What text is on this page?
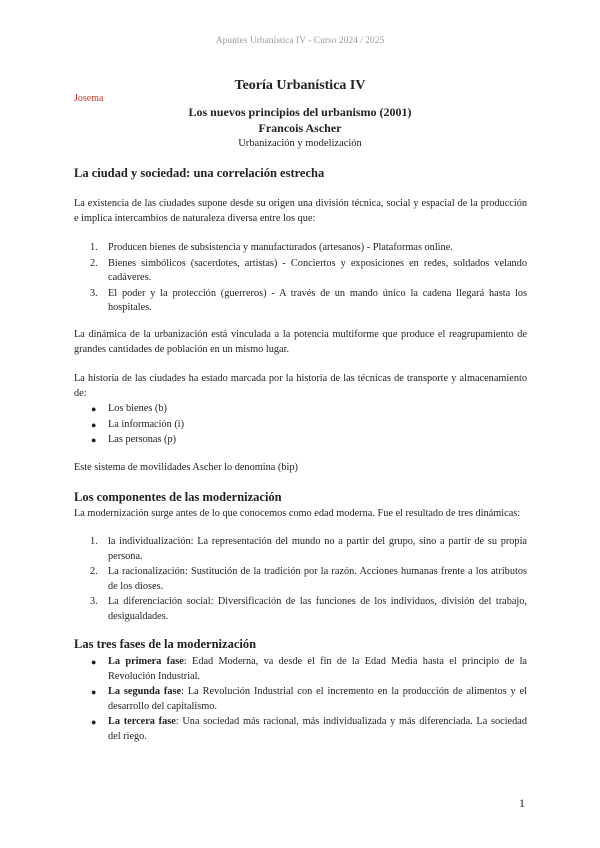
Apuntes Urbanística IV - Curso 2024 / 2025
Teoría Urbanística IV
Josema
Los nuevos principios del urbanismo (2001)
Francois Ascher
Urbanización y modelización
La ciudad y sociedad: una correlación estrecha

La existencia de las ciudades supone desde su origen una división técnica, social y espacial de la producción e implica intercambios de naturaleza diversa entre los que:

1. Producen bienes de subsistencia y manufacturados (artesanos) - Plataformas online.
2. Bienes simbólicos (sacerdotes, artistas) - Conciertos y exposiciones en redes, soldados velando cadáveres.
3. El poder y la protección (guerreros) - A través de un mando único la cadena llegará hasta los hospitales.

La dinámica de la urbanización está vinculada a la potencia multiforme que produce el reagrupamiento de grandes cantidades de población en un mismo lugar.

La historia de las ciudades ha estado marcada por la historia de las técnicas de transporte y almacenamiento de:

● Los bienes (b)
● La información (i)
● Las personas (p)

Este sistema de movilidades Ascher lo denomina (bip)

Los componentes de las modernización

La modernización surge antes de lo que conocemos como edad moderna. Fue el resultado de tres dinámicas:

1. la individualización: La representación del mundo no a partir del grupo, sino a partir de su propia persona.
2. La racionalización: Sustitución de la tradición por la razón. Acciones humanas frente a los atributos de los dioses.
3. La diferenciación social: Diversificación de las funciones de los individuos, división del trabajo, desigualdades.
Las tres fases de la modernización
● La primera fase: Edad Moderna, va desde el fin de la Edad Media hasta el principio de la Revolución Industrial.
● La segunda fase: La Revolución Industrial con el incremento en la producción de alimentos y el desarrollo del capitalismo.
● La tercera fase: Una sociedad más racional, más individualizada y más diferenciada. La sociedad del riego.
1
